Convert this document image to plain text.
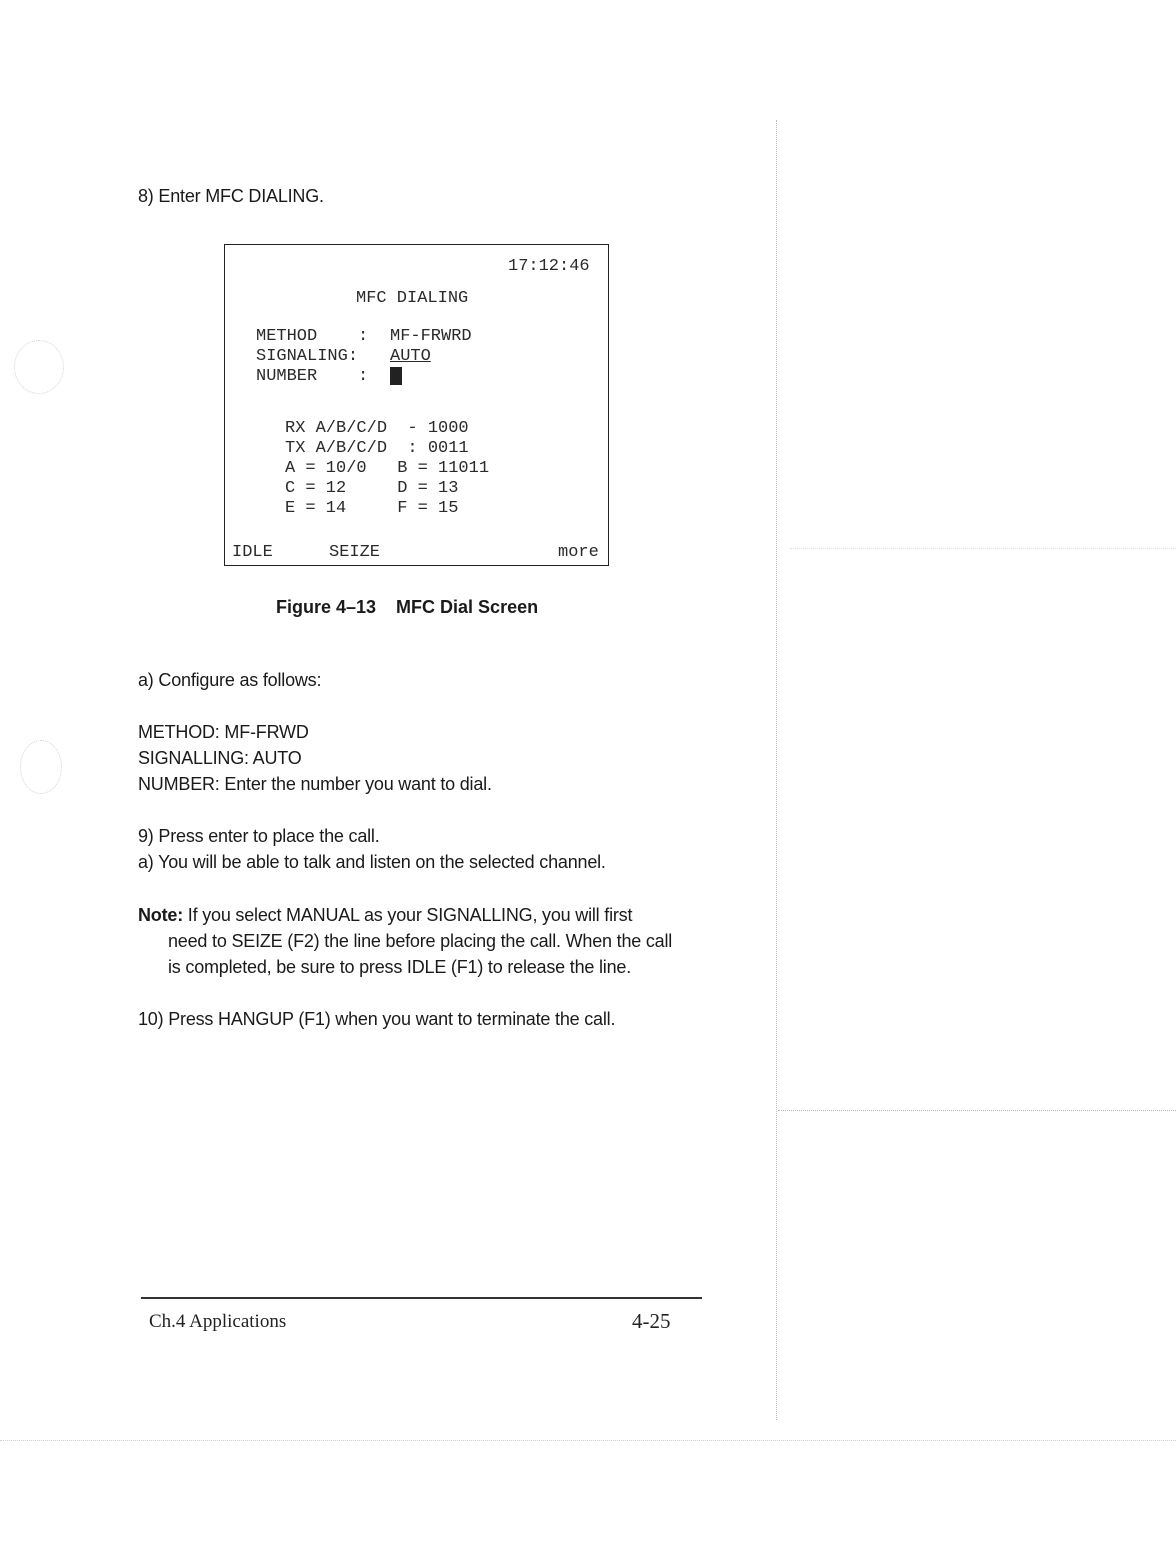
8) Enter MFC DIALING.
17:12:46
MFC DIALING
METHOD    : MF-FRWRD
SIGNALING: AUTO
NUMBER    :
RX A/B/C/D  - 1000
TX A/B/C/D  : 0011
A = 10/0   B = 11011
C = 12     D = 13
E = 14     F = 15
IDLE	SEIZE	more
Figure 4–13    MFC Dial Screen
a) Configure as follows:
METHOD: MF-FRWD
SIGNALLING: AUTO
NUMBER: Enter the number you want to dial.
9) Press enter to place the call.
a) You will be able to talk and listen on the selected channel.
Note: If you select MANUAL as your SIGNALLING, you will first
need to SEIZE (F2) the line before placing the call. When the call
is completed, be sure to press IDLE (F1) to release the line.
10) Press HANGUP (F1) when you want to terminate the call.
Ch.4 Applications	4-25
